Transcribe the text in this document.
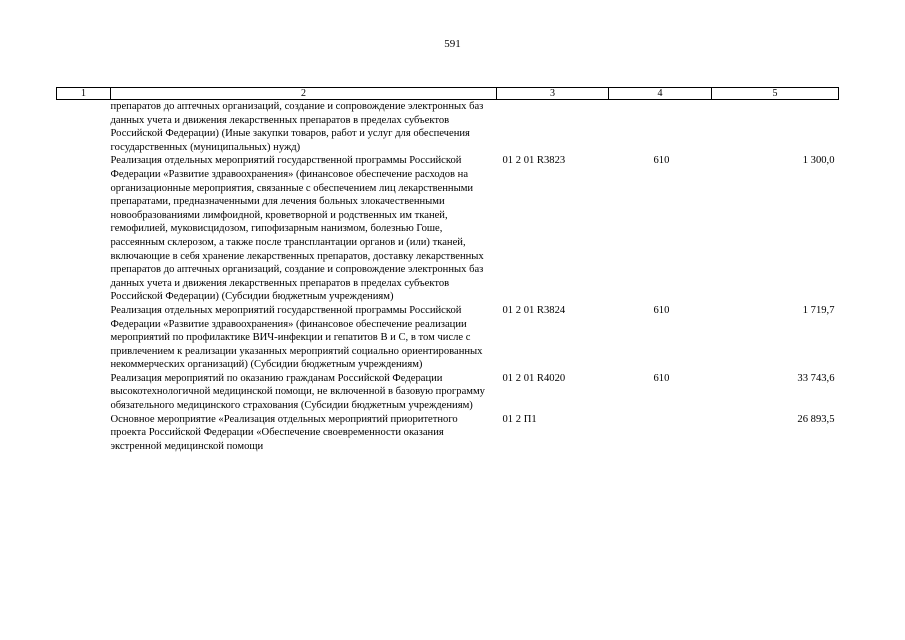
591
1	2	3	4	5
	препаратов до аптечных организаций, создание и сопровождение электронных баз данных учета и движения лекарственных препаратов в пределах субъектов Российской Федерации) (Иные закупки товаров, работ и услуг для обеспечения государственных (муниципальных) нужд)			
	Реализация отдельных мероприятий государственной программы Российской Федерации «Развитие здравоохранения» (финансовое обеспечение расходов на организационные мероприятия, связанные с обеспечением лиц лекарственными препаратами, предназначенными для лечения больных злокачественными новообразованиями лимфоидной, кроветворной и родственных им тканей, гемофилией, муковисцидозом, гипофизарным нанизмом, болезнью Гоше, рассеянным склерозом, а также после трансплантации органов и (или) тканей, включающие в себя хранение лекарственных препаратов, доставку лекарственных препаратов до аптечных организаций, создание и сопровождение электронных баз данных учета и движения лекарственных препаратов в пределах субъектов Российской Федерации) (Субсидии бюджетным учреждениям)	01 2 01 R3823	610	1 300,0
	Реализация отдельных мероприятий государственной программы Российской Федерации «Развитие здравоохранения» (финансовое обеспечение реализации мероприятий по профилактике ВИЧ-инфекции и гепатитов В и С, в том числе с привлечением к реализации указанных мероприятий социально ориентированных некоммерческих организаций) (Субсидии бюджетным учреждениям)	01 2 01 R3824	610	1 719,7
	Реализация мероприятий по оказанию гражданам Российской Федерации высокотехнологичной медицинской помощи, не включенной в базовую программу обязательного медицинского страхования (Субсидии бюджетным учреждениям)	01 2 01 R4020	610	33 743,6
	Основное мероприятие «Реализация отдельных мероприятий приоритетного проекта Российской Федерации «Обеспечение своевременности оказания экстренной медицинской помощи	01 2 П1		26 893,5
